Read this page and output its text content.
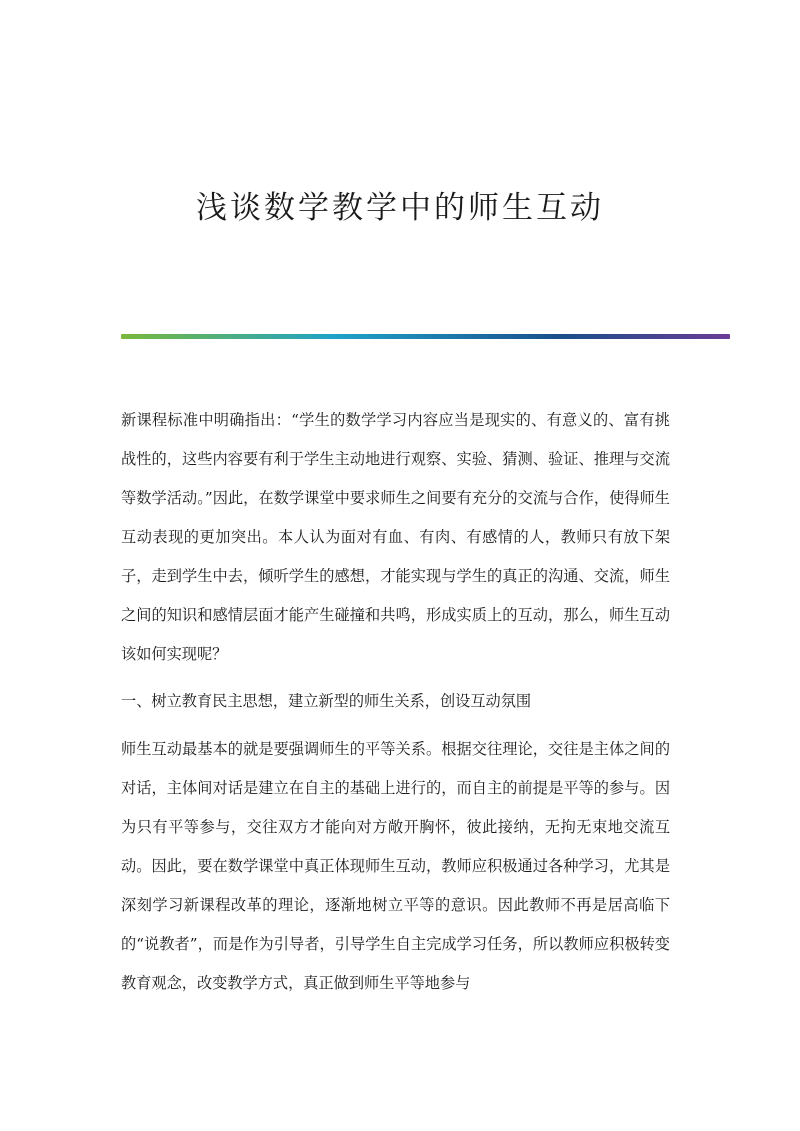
浅谈数学教学中的师生互动

新课程标准中明确指出：“学生的数学学习内容应当是现实的、有意义的、富有挑战性的，这些内容要有利于学生主动地进行观察、实验、猜测、验证、推理与交流等数学活动。”因此，在数学课堂中要求师生之间要有充分的交流与合作，使得师生互动表现的更加突出。本人认为面对有血、有肉、有感情的人，教师只有放下架子，走到学生中去，倾听学生的感想，才能实现与学生的真正的沟通、交流，师生之间的知识和感情层面才能产生碰撞和共鸣，形成实质上的互动，那么，师生互动该如何实现呢？

一、树立教育民主思想，建立新型的师生关系，创设互动氛围

师生互动最基本的就是要强调师生的平等关系。根据交往理论，交往是主体之间的对话，主体间对话是建立在自主的基础上进行的，而自主的前提是平等的参与。因为只有平等参与，交往双方才能向对方敞开胸怀，彼此接纳，无拘无束地交流互动。因此，要在数学课堂中真正体现师生互动，教师应积极通过各种学习，尤其是深刻学习新课程改革的理论，逐渐地树立平等的意识。因此教师不再是居高临下的“说教者”，而是作为引导者，引导学生自主完成学习任务，所以教师应积极转变教育观念，改变教学方式，真正做到师生平等地参与
